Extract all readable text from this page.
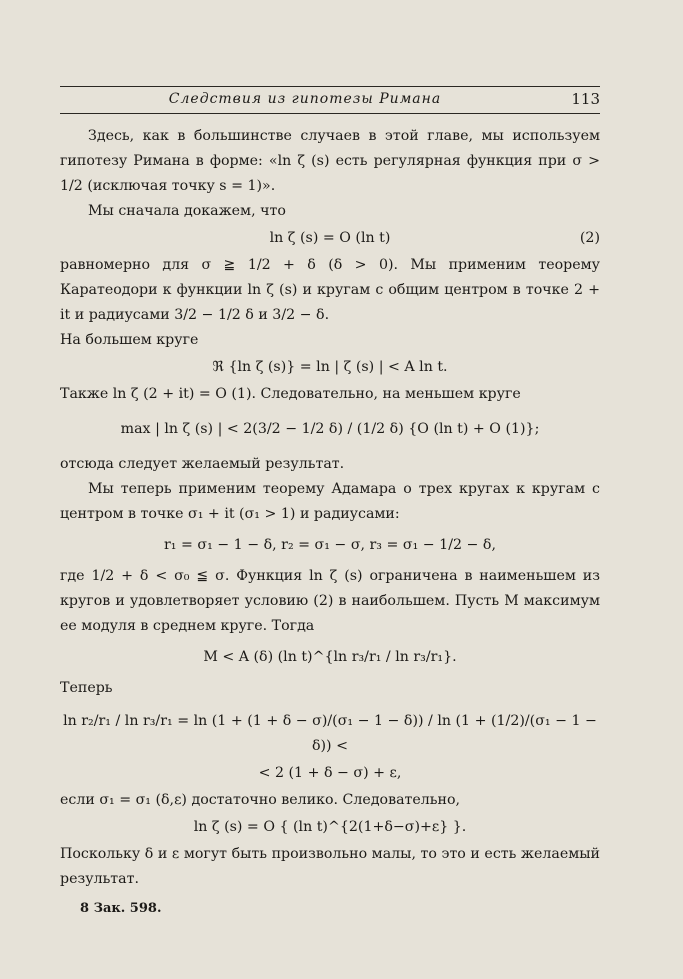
Следствия из гипотезы Римана	113

Здесь, как в большинстве случаев в этой главе, мы используем гипотезу Римана в форме: «ln ζ (s) есть регулярная функция при σ > 1/2 (исключая точку s = 1)».

Мы сначала докажем, что

ln ζ (s) = O (ln t)	(2)

равномерно для σ ≧ 1/2 + δ (δ > 0). Мы применим теорему Каратеодори к функции ln ζ (s) и кругам с общим центром в точке 2 + it и радиусами 3/2 − 1/2 δ и 3/2 − δ.

На большем круге

ℜ {ln ζ (s)} = ln | ζ (s) | < A ln t.

Также ln ζ (2 + it) = O (1). Следовательно, на меньшем круге

max | ln ζ (s) | < 2(3/2 − 1/2 δ) / (1/2 δ) {O (ln t) + O (1)};

отсюда следует желаемый результат.

Мы теперь применим теорему Адамара о трех кругах к кругам с центром в точке σ₁ + it (σ₁ > 1) и радиусами:

r₁ = σ₁ − 1 − δ, r₂ = σ₁ − σ, r₃ = σ₁ − 1/2 − δ,

где 1/2 + δ < σ₀ ≦ σ. Функция ln ζ (s) ограничена в наименьшем из кругов и удовлетворяет условию (2) в наибольшем. Пусть M максимум ее модуля в среднем круге. Тогда

M < A (δ) (ln t)^{ln r₃/r₁ / ln r₃/r₁}.

Теперь

ln r₂/r₁ / ln r₃/r₁ = ln (1 + (1 + δ − σ)/(σ₁ − 1 − δ)) / ln (1 + (1/2)/(σ₁ − 1 − δ)) <
< 2 (1 + δ − σ) + ε,

если σ₁ = σ₁ (δ,ε) достаточно велико. Следовательно,

ln ζ (s) = O { (ln t)^{2(1+δ−σ)+ε} }.

Поскольку δ и ε могут быть произвольно малы, то это и есть желаемый результат.

8 Зак. 598.
